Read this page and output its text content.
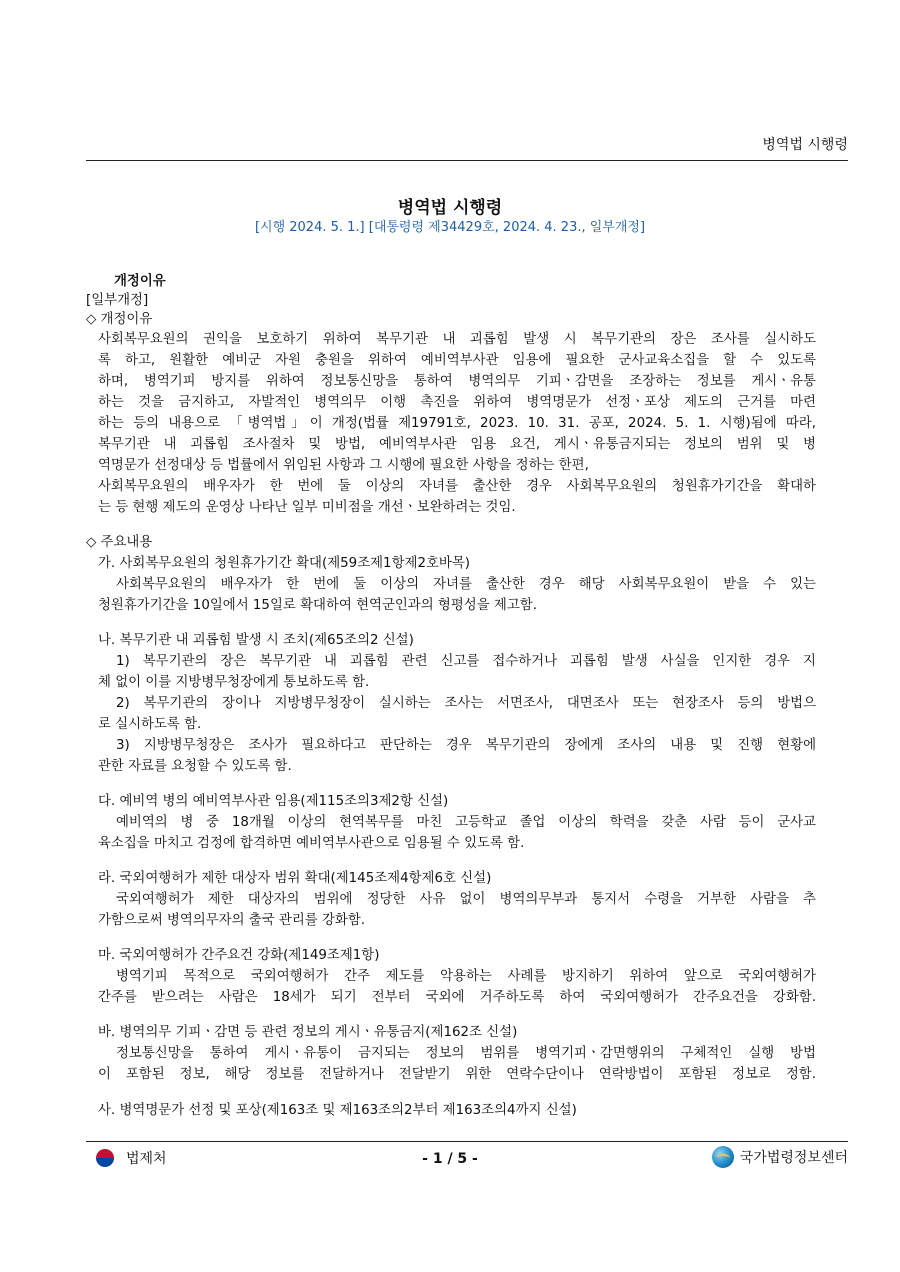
병역법 시행령
병역법 시행령
[시행 2024. 5. 1.] [대통령령 제34429호, 2024. 4. 23., 일부개정]
개정이유
[일부개정]
◇ 개정이유
사회복무요원의 권익을 보호하기 위하여 복무기관 내 괴롭힘 발생 시 복무기관의 장은 조사를 실시하도
록 하고, 원활한 예비군 자원 충원을 위하여 예비역부사관 임용에 필요한 군사교육소집을 할 수 있도록
하며, 병역기피 방지를 위하여 정보통신망을 통하여 병역의무 기피ㆍ감면을 조장하는 정보를 게시ㆍ유통
하는 것을 금지하고, 자발적인 병역의무 이행 촉진을 위하여 병역명문가 선정ㆍ포상 제도의 근거를 마련
하는 등의 내용으로 「병역법」이 개정(법률 제19791호, 2023. 10. 31. 공포, 2024. 5. 1. 시행)됨에 따라,
복무기관 내 괴롭힘 조사절차 및 방법, 예비역부사관 임용 요건, 게시ㆍ유통금지되는 정보의 범위 및 병
역명문가 선정대상 등 법률에서 위임된 사항과 그 시행에 필요한 사항을 정하는 한편,
사회복무요원의 배우자가 한 번에 둘 이상의 자녀를 출산한 경우 사회복무요원의 청원휴가기간을 확대하
는 등 현행 제도의 운영상 나타난 일부 미비점을 개선ㆍ보완하려는 것임.
◇ 주요내용
가. 사회복무요원의 청원휴가기간 확대(제59조제1항제2호바목)
사회복무요원의 배우자가 한 번에 둘 이상의 자녀를 출산한 경우 해당 사회복무요원이 받을 수 있는
청원휴가기간을 10일에서 15일로 확대하여 현역군인과의 형평성을 제고함.
나. 복무기관 내 괴롭힘 발생 시 조치(제65조의2 신설)
1) 복무기관의 장은 복무기관 내 괴롭힘 관련 신고를 접수하거나 괴롭힘 발생 사실을 인지한 경우 지
체 없이 이를 지방병무청장에게 통보하도록 함.
2) 복무기관의 장이나 지방병무청장이 실시하는 조사는 서면조사, 대면조사 또는 현장조사 등의 방법으
로 실시하도록 함.
3) 지방병무청장은 조사가 필요하다고 판단하는 경우 복무기관의 장에게 조사의 내용 및 진행 현황에
관한 자료를 요청할 수 있도록 함.
다. 예비역 병의 예비역부사관 임용(제115조의3제2항 신설)
예비역의 병 중 18개월 이상의 현역복무를 마친 고등학교 졸업 이상의 학력을 갖춘 사람 등이 군사교
육소집을 마치고 검정에 합격하면 예비역부사관으로 임용될 수 있도록 함.
라. 국외여행허가 제한 대상자 범위 확대(제145조제4항제6호 신설)
국외여행허가 제한 대상자의 범위에 정당한 사유 없이 병역의무부과 통지서 수령을 거부한 사람을 추
가함으로써 병역의무자의 출국 관리를 강화함.
마. 국외여행허가 간주요건 강화(제149조제1항)
병역기피 목적으로 국외여행허가 간주 제도를 악용하는 사례를 방지하기 위하여 앞으로 국외여행허가
간주를 받으려는 사람은 18세가 되기 전부터 국외에 거주하도록 하여 국외여행허가 간주요건을 강화함.
바. 병역의무 기피ㆍ감면 등 관련 정보의 게시ㆍ유통금지(제162조 신설)
정보통신망을 통하여 게시ㆍ유통이 금지되는 정보의 범위를 병역기피ㆍ감면행위의 구체적인 실행 방법
이 포함된 정보, 해당 정보를 전달하거나 전달받기 위한 연락수단이나 연락방법이 포함된 정보로 정함.
사. 병역명문가 선정 및 포상(제163조 및 제163조의2부터 제163조의4까지 신설)
법제처	- 1 / 5 -	국가법령정보센터
